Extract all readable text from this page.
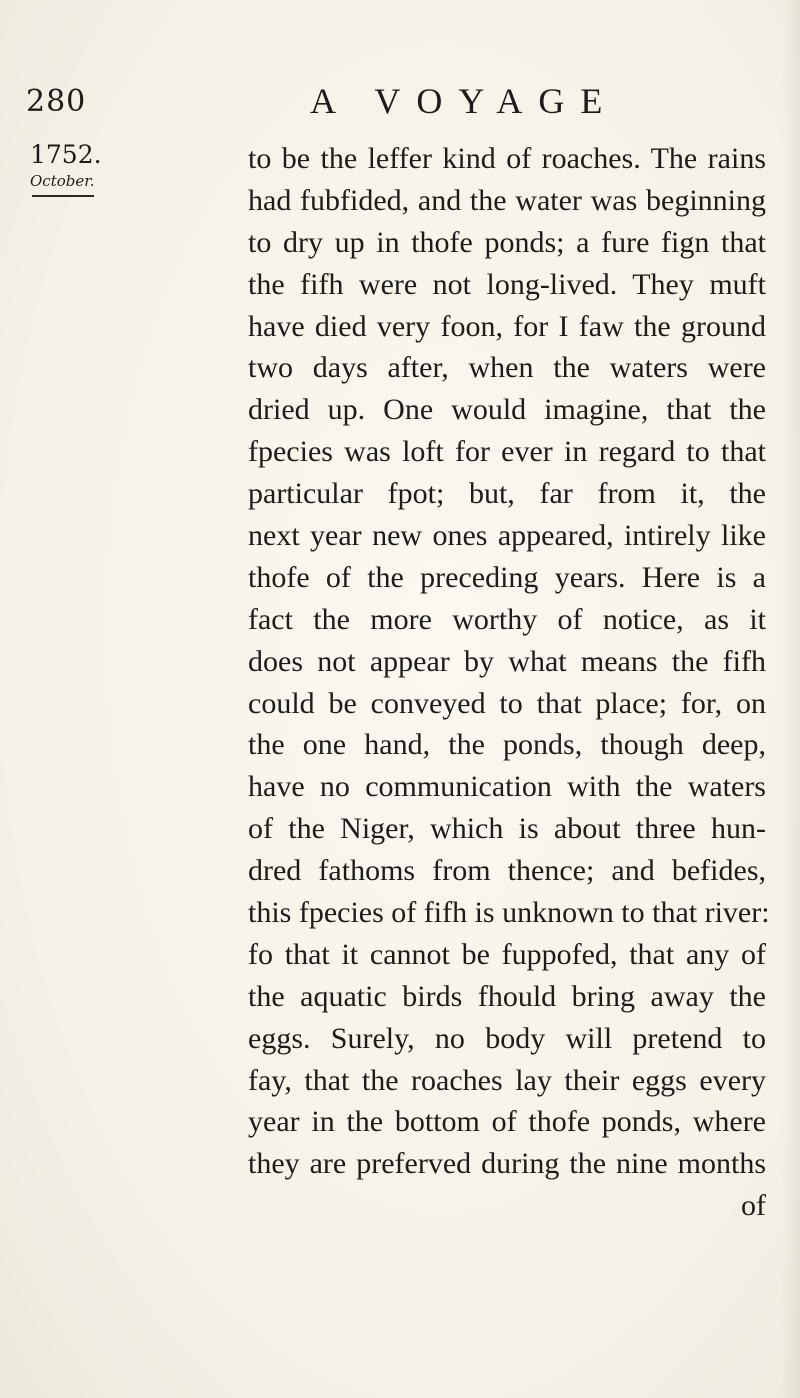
280	A VOYAGE
1752.
October.
to be the leffer kind of roaches. The rains
had fubfided, and the water was beginning
to dry up in thofe ponds; a fure fign that
the fifh were not long-lived. They muft
have died very foon, for I faw the ground
two days after, when the waters were
dried up. One would imagine, that the
fpecies was loft for ever in regard to that
particular fpot; but, far from it, the
next year new ones appeared, intirely like
thofe of the preceding years. Here is a
fact the more worthy of notice, as it
does not appear by what means the fifh
could be conveyed to that place; for, on
the one hand, the ponds, though deep,
have no communication with the waters
of the Niger, which is about three hun-
dred fathoms from thence; and befides,
this fpecies of fifh is unknown to that river:
fo that it cannot be fuppofed, that any of
the aquatic birds fhould bring away the
eggs. Surely, no body will pretend to
fay, that the roaches lay their eggs every
year in the bottom of thofe ponds, where
they are preferved during the nine months
of
